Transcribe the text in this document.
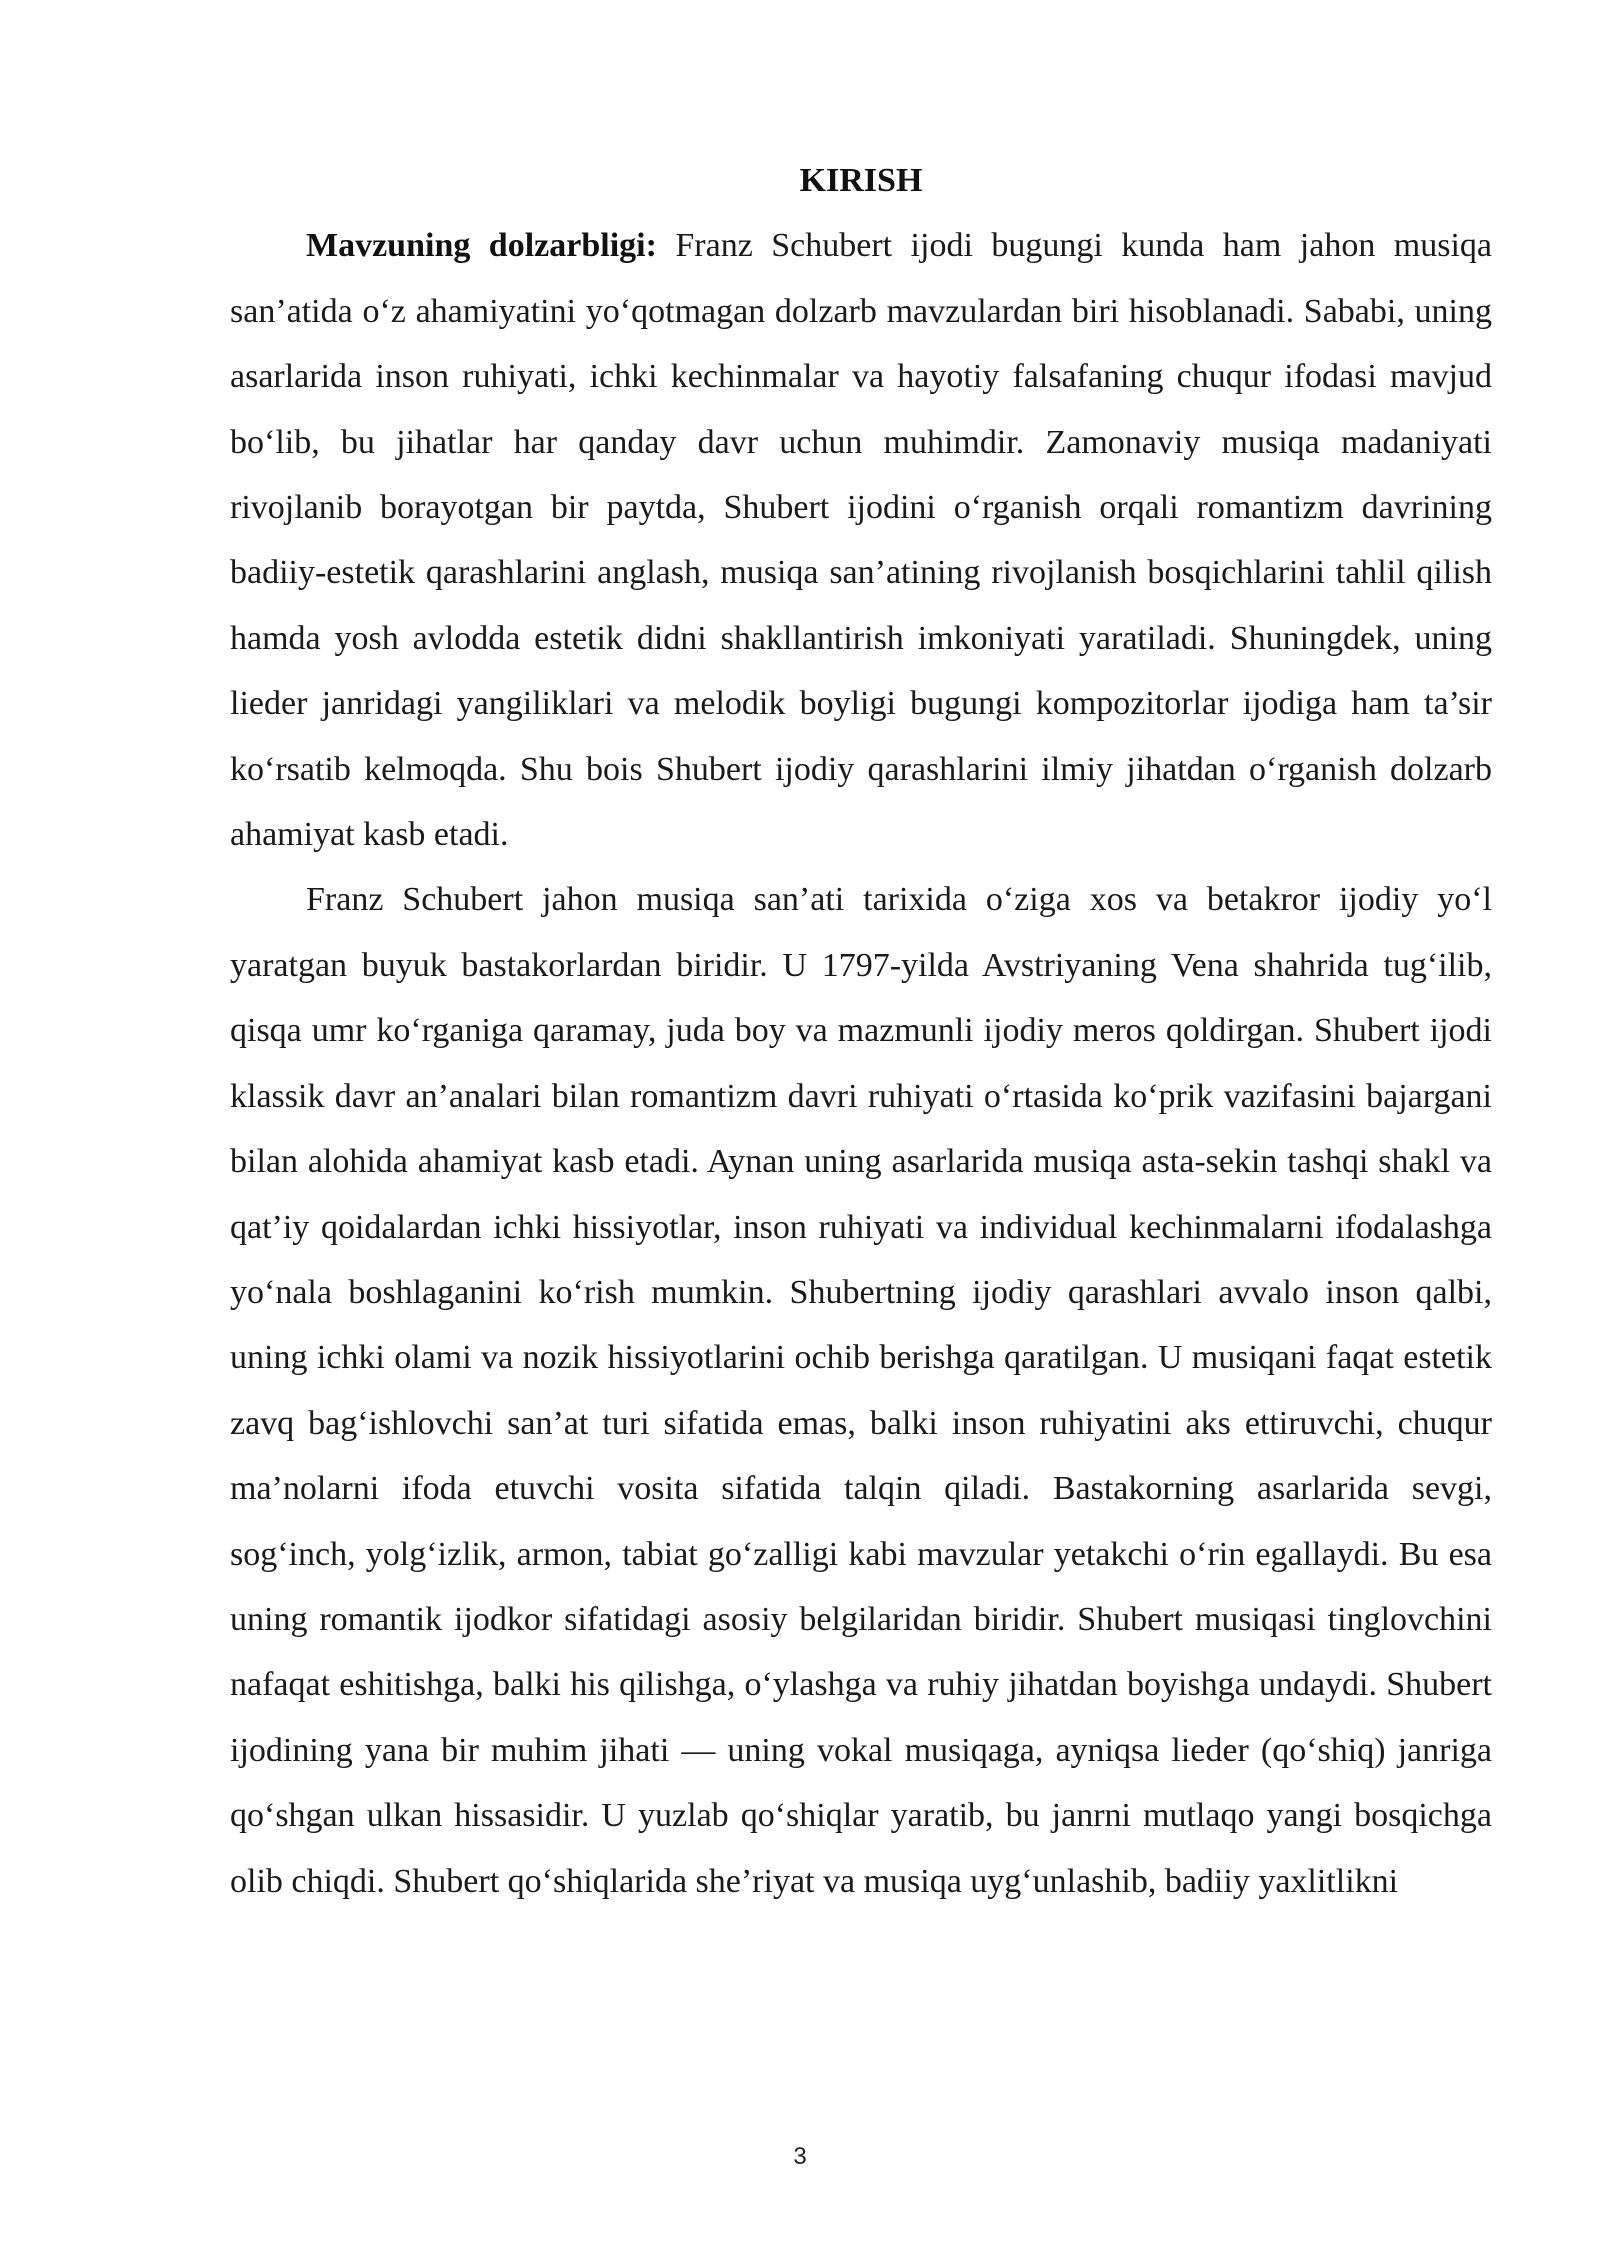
KIRISH

Mavzuning dolzarbligi: Franz Schubert ijodi bugungi kunda ham jahon musiqa san’atida o‘z ahamiyatini yo‘qotmagan dolzarb mavzulardan biri hisoblanadi. Sababi, uning asarlarida inson ruhiyati, ichki kechinmalar va hayotiy falsafaning chuqur ifodasi mavjud bo‘lib, bu jihatlar har qanday davr uchun muhimdir. Zamonaviy musiqa madaniyati rivojlanib borayotgan bir paytda, Shubert ijodini o‘rganish orqali romantizm davrining badiiy-estetik qarashlarini anglash, musiqa san’atining rivojlanish bosqichlarini tahlil qilish hamda yosh avlodda estetik didni shakllantirish imkoniyati yaratiladi. Shuningdek, uning lieder janridagi yangiliklari va melodik boyligi bugungi kompozitorlar ijodiga ham ta’sir ko‘rsatib kelmoqda. Shu bois Shubert ijodiy qarashlarini ilmiy jihatdan o‘rganish dolzarb ahamiyat kasb etadi.

Franz Schubert jahon musiqa san’ati tarixida o‘ziga xos va betakror ijodiy yo‘l yaratgan buyuk bastakorlardan biridir. U 1797-yilda Avstriyaning Vena shahrida tug‘ilib, qisqa umr ko‘rganiga qaramay, juda boy va mazmunli ijodiy meros qoldirgan. Shubert ijodi klassik davr an’analari bilan romantizm davri ruhiyati o‘rtasida ko‘prik vazifasini bajargani bilan alohida ahamiyat kasb etadi. Aynan uning asarlarida musiqa asta-sekin tashqi shakl va qat’iy qoidalardan ichki hissiyotlar, inson ruhiyati va individual kechinmalarni ifodalashga yo‘nala boshlaganini ko‘rish mumkin. Shubertning ijodiy qarashlari avvalo inson qalbi, uning ichki olami va nozik hissiyotlarini ochib berishga qaratilgan. U musiqani faqat estetik zavq bag‘ishlovchi san’at turi sifatida emas, balki inson ruhiyatini aks ettiruvchi, chuqur ma’nolarni ifoda etuvchi vosita sifatida talqin qiladi. Bastakorning asarlarida sevgi, sog‘inch, yolg‘izlik, armon, tabiat go‘zalligi kabi mavzular yetakchi o‘rin egallaydi. Bu esa uning romantik ijodkor sifatidagi asosiy belgilaridan biridir. Shubert musiqasi tinglovchini nafaqat eshitishga, balki his qilishga, o‘ylashga va ruhiy jihatdan boyishga undaydi. Shubert ijodining yana bir muhim jihati — uning vokal musiqaga, ayniqsa lieder (qo‘shiq) janriga qo‘shgan ulkan hissasidir. U yuzlab qo‘shiqlar yaratib, bu janrni mutlaqo yangi bosqichga olib chiqdi. Shubert qo‘shiqlarida she’riyat va musiqa uyg‘unlashib, badiiy yaxlitlikni

3
